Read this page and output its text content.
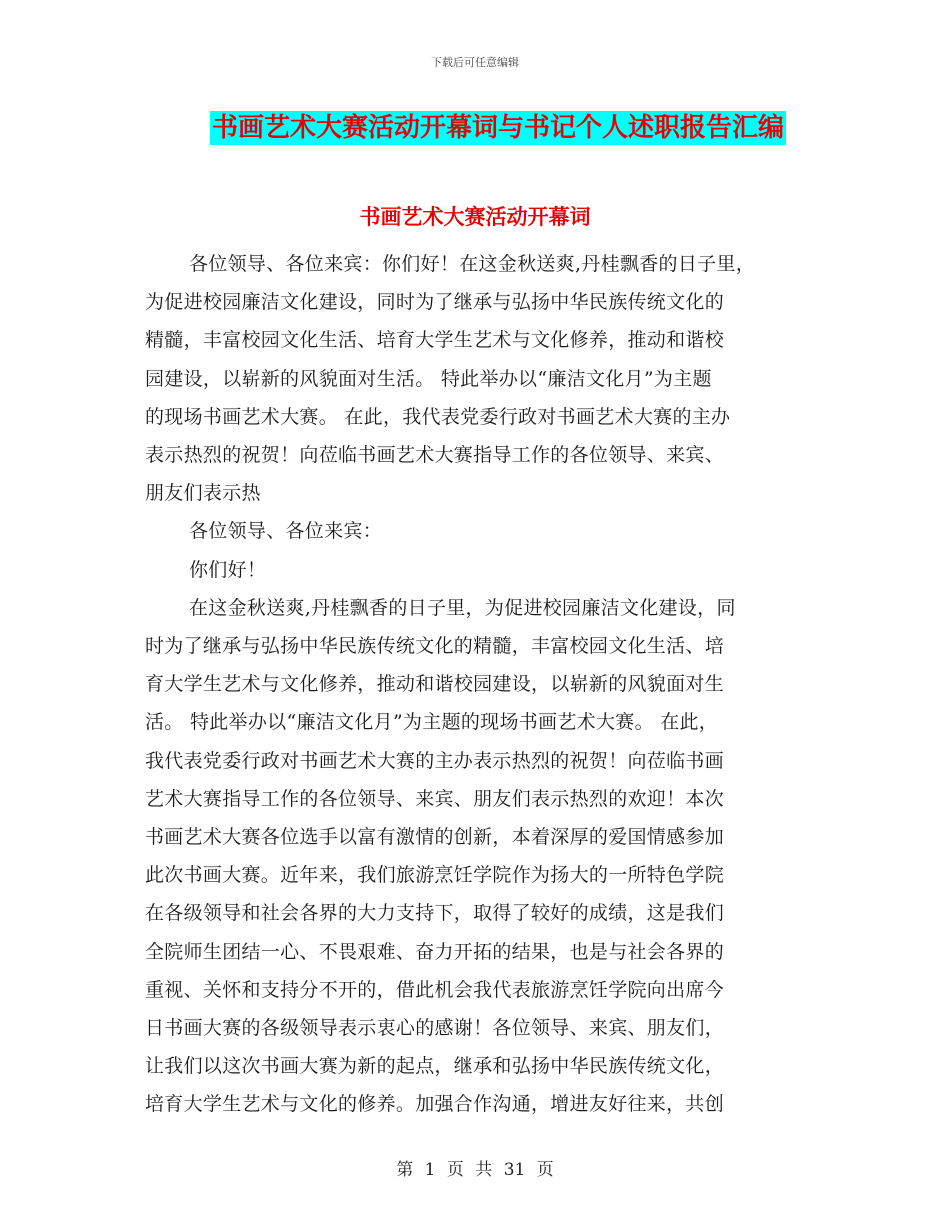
下载后可任意编辑
书画艺术大赛活动开幕词与书记个人述职报告汇编
书画艺术大赛活动开幕词

各位领导、各位来宾：你们好！在这金秋送爽,丹桂飘香的日子里，
为促进校园廉洁文化建设，同时为了继承与弘扬中华民族传统文化的
精髓，丰富校园文化生活、培育大学生艺术与文化修养，推动和谐校
园建设，以崭新的风貌面对生活。 特此举办以“廉洁文化月”为主题
的现场书画艺术大赛。 在此，我代表党委行政对书画艺术大赛的主办
表示热烈的祝贺！向莅临书画艺术大赛指导工作的各位领导、来宾、
朋友们表示热

各位领导、各位来宾：

你们好！

在这金秋送爽,丹桂飘香的日子里，为促进校园廉洁文化建设，同
时为了继承与弘扬中华民族传统文化的精髓，丰富校园文化生活、培
育大学生艺术与文化修养，推动和谐校园建设，以崭新的风貌面对生
活。 特此举办以“廉洁文化月”为主题的现场书画艺术大赛。 在此，
我代表党委行政对书画艺术大赛的主办表示热烈的祝贺！向莅临书画
艺术大赛指导工作的各位领导、来宾、朋友们表示热烈的欢迎！本次
书画艺术大赛各位选手以富有激情的创新，本着深厚的爱国情感参加
此次书画大赛。近年来，我们旅游烹饪学院作为扬大的一所特色学院
在各级领导和社会各界的大力支持下，取得了较好的成绩，这是我们
全院师生团结一心、不畏艰难、奋力开拓的结果，也是与社会各界的
重视、关怀和支持分不开的，借此机会我代表旅游烹饪学院向出席今
日书画大赛的各级领导表示衷心的感谢！各位领导、来宾、朋友们，
让我们以这次书画大赛为新的起点，继承和弘扬中华民族传统文化，
培育大学生艺术与文化的修养。加强合作沟通，增进友好往来，共创

第 1 页 共 31 页
